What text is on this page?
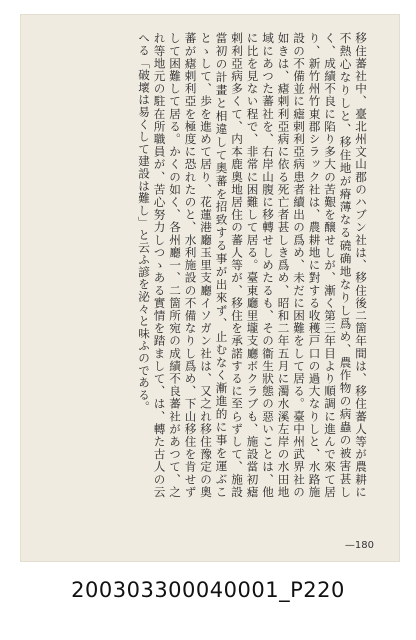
移住蕃社中、臺北州文山郡のハブン社は、移住後二箇年間は、移住蕃人等が農耕に不熱心なりしと、移住地が瘠薄なる磽确地なりし爲め、農作物の病蟲の被害甚しく、成績不良に陷り多大の苦艱を醸せしが、漸く第三年目より順調に進んで來て居り、新竹州竹東郡シラック社は、農耕地に對する收穫戸口の過大なりしと、水路施設の不備並に瘧剌利亞病患者續出の爲め、未だに困難をして居る。臺中州武界社の如きは、瘧剌利亞病に依る死亡者甚しき爲め、昭和二年五月に濁水溪左岸の水田地域にあつた蕃社を、右岸山腹に移轉せしめたるも、その衞生狀態の惡いことは、他に比を見ない程で、非常に困難して居る。臺東廳里壠支廳ボクラブも、施設當初瘧剌利亞病多くて、内本鹿奧地居住の蕃人等が、移住を承諾するに至らずして、施設當初の計畫と相違して奧蕃を招致する事が出來ず、止むなく漸進的に事を運ぶことゝして、歩を進めて居り、花蓮港廳玉里支廳イソガン社は、又之れ移住豫定の奧蕃が瘧剌利亞を極度に恐れたのと、水利施設の不備なりし爲め、下山移住を肯せずして困難して居る。かくの如く、各州廳一、二箇所宛の成績不良蕃社があつて、之れ等地元の駐在所職員が、苦心努力しつゝある實情を踏まして、は、轉た古人の云へる「破壞は易くして建設は難し」と云ふ諺を泌々と味ふのである。

—180
200303300040001_P220
